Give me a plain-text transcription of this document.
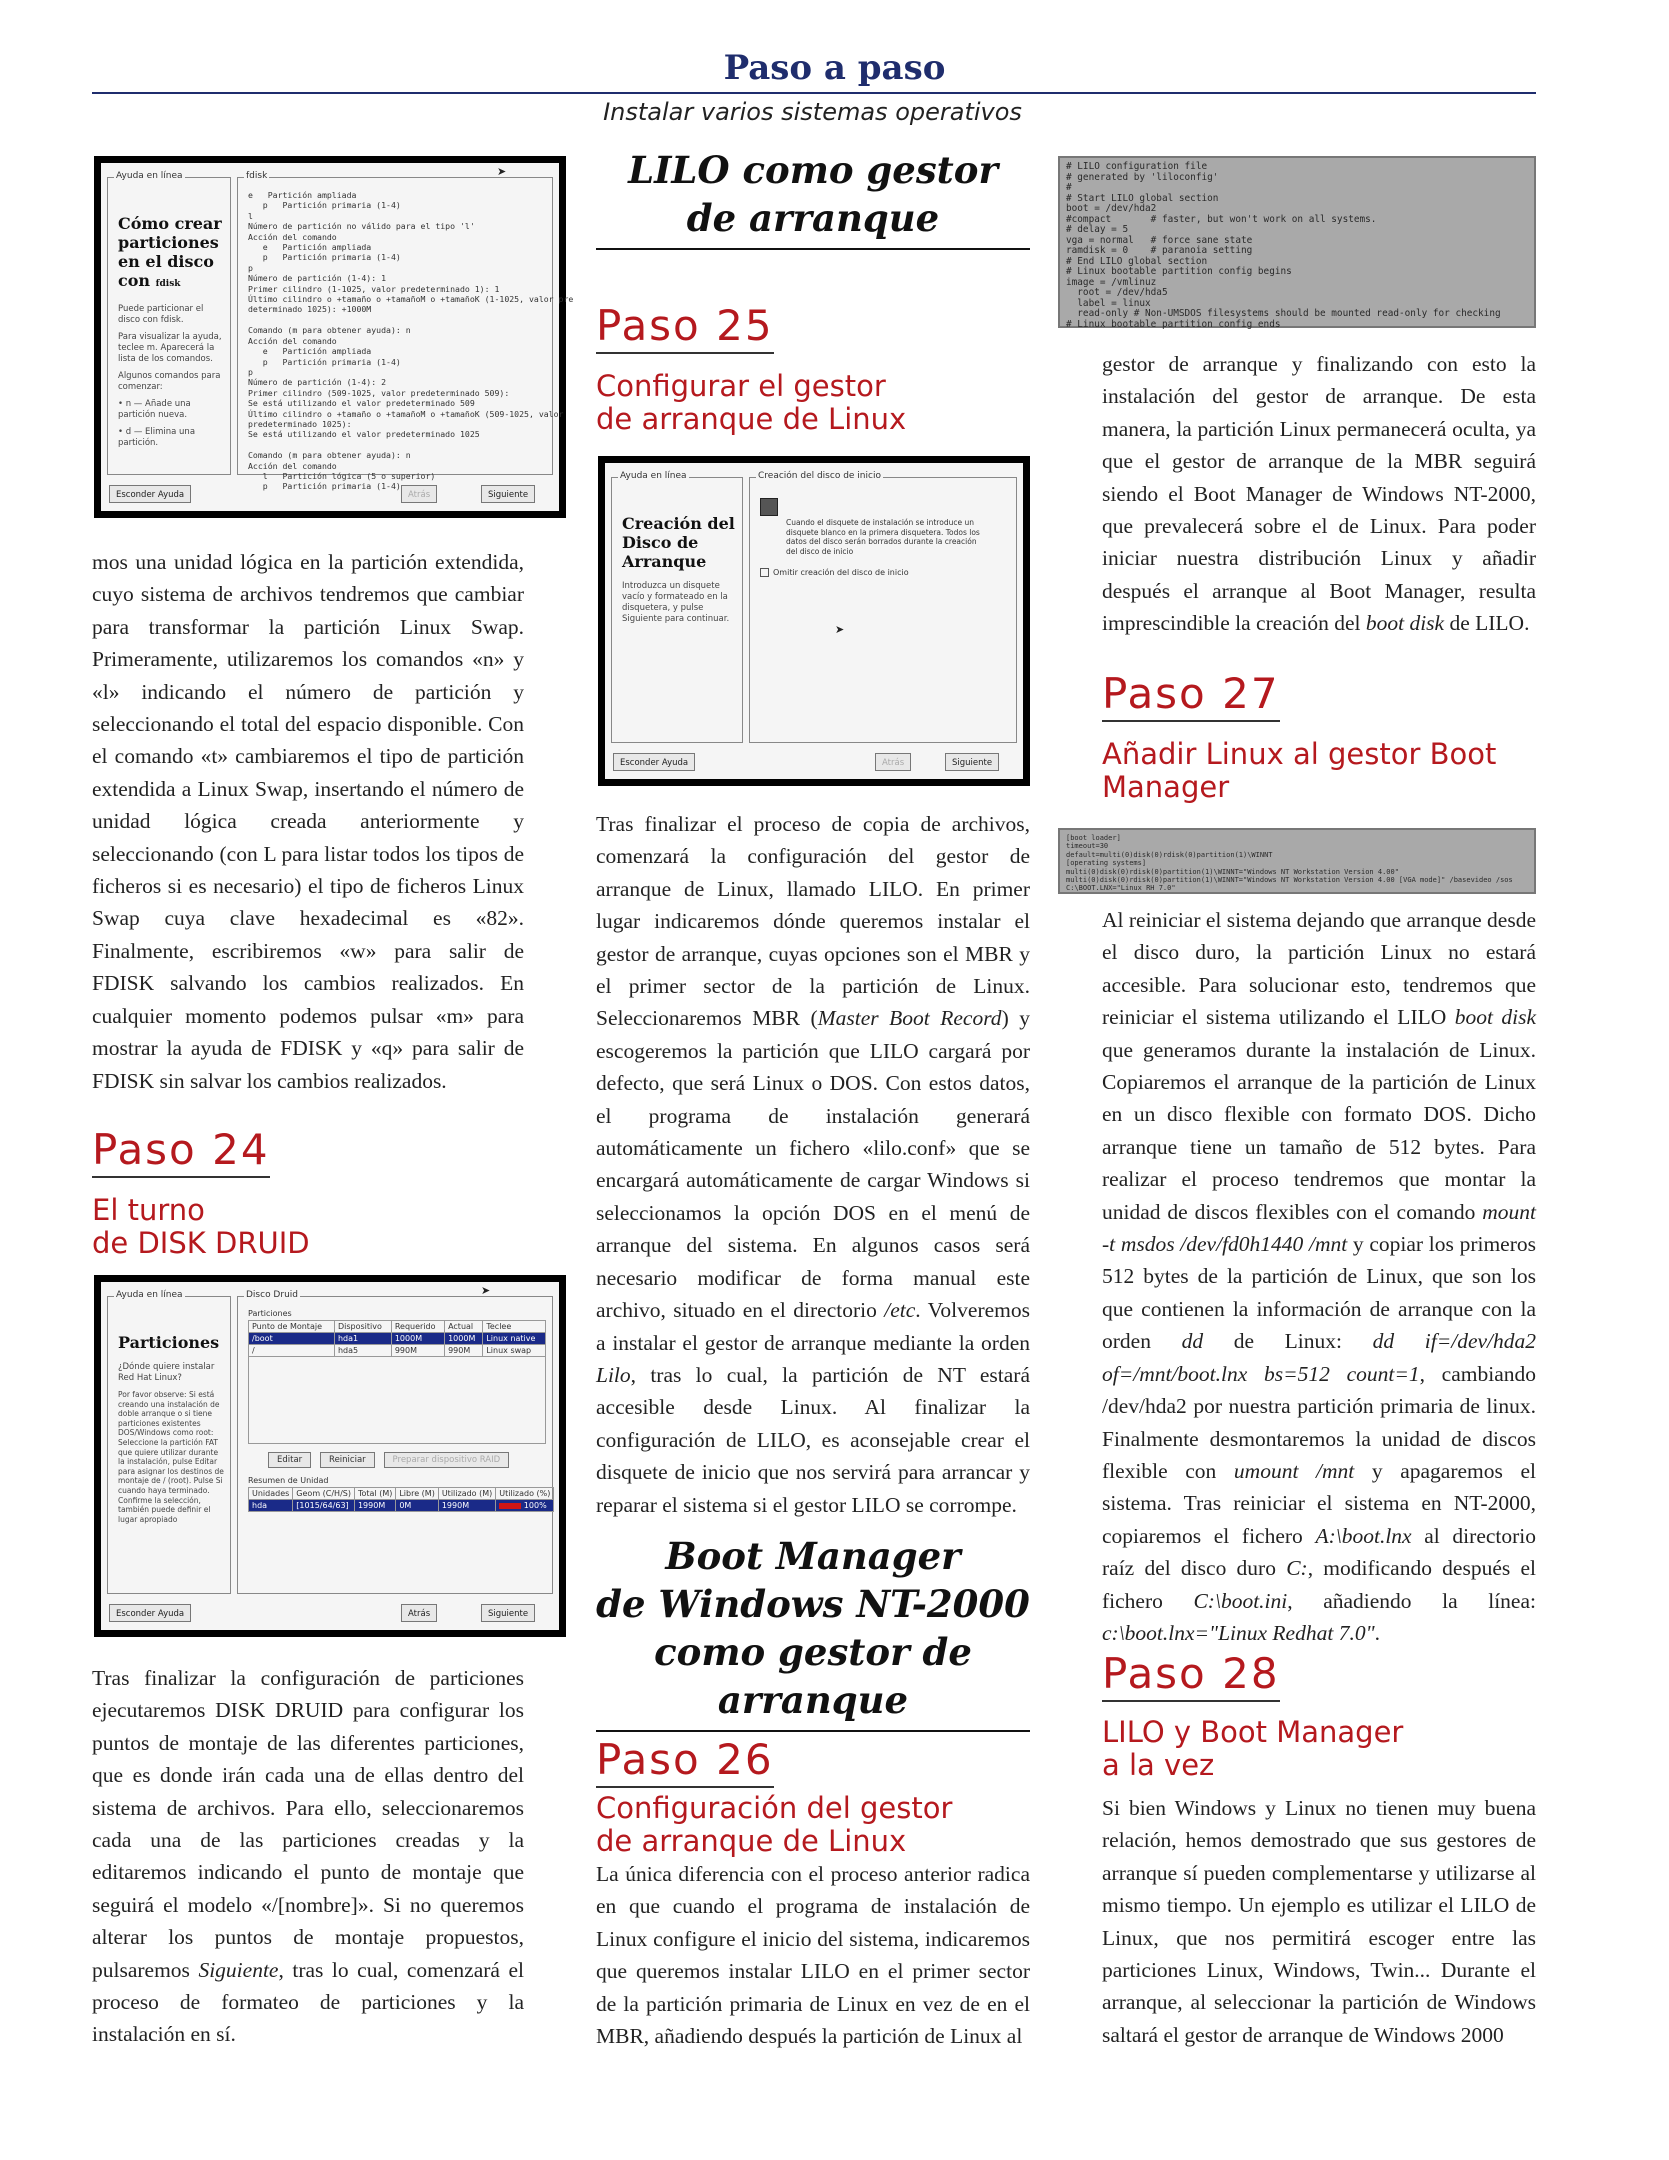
Paso a paso
Instalar varios sistemas operativos
Ayuda en línea
Cómo crear particiones en el disco con fdisk

Puede particionar el disco con fdisk.

Para visualizar la ayuda, teclee m. Aparecerá la lista de los comandos.

Algunos comandos para comenzar:

• n — Añade una partición nueva.

• d — Elimina una partición.

fdisk
e   Partición ampliada
p   Partición primaria (1-4)
l
Número de partición no válido para el tipo 'l'
Acción del comando
e   Partición ampliada
p   Partición primaria (1-4)
p
Número de partición (1-4): 1
Primer cilindro (1-1025, valor predeterminado 1): 1
Último cilindro o +tamaño o +tamañoM o +tamañoK (1-1025, valor pre
determinado 1025): +1000M

Comando (m para obtener ayuda): n
Acción del comando
e   Partición ampliada
p   Partición primaria (1-4)
p
Número de partición (1-4): 2
Primer cilindro (509-1025, valor predeterminado 509):
Se está utilizando el valor predeterminado 509
Último cilindro o +tamaño o +tamañoM o +tamañoK (509-1025, valor
predeterminado 1025):
Se está utilizando el valor predeterminado 1025

Comando (m para obtener ayuda): n
Acción del comando
l   Partición lógica (5 o superior)
p   Partición primaria (1-4)
➤
Esconder Ayuda	Atrás	Siguiente

mos una unidad lógica en la partición extendida, cuyo sistema de archivos tendremos que cambiar para transformar la partición Linux Swap. Primeramente, utilizaremos los comandos «n» y «l» indicando el número de partición y seleccionando el total del espacio disponible. Con el comando «t» cambiaremos el tipo de partición extendida a Linux Swap, insertando el número de unidad lógica creada anteriormente y seleccionando (con L para listar todos los tipos de ficheros si es necesario) el tipo de ficheros Linux Swap cuya clave hexadecimal es «82». Finalmente, escribiremos «w» para salir de FDISK salvando los cambios realizados. En cualquier momento podemos pulsar «m» para mostrar la ayuda de FDISK y «q» para salir de FDISK sin salvar los cambios realizados.

Paso 24

El turno

de DISK DRUID

Ayuda en línea
Particiones

¿Dónde quiere instalar Red Hat Linux?

Por favor observe: Si está creando una instalación de doble arranque o si tiene particiones existentes DOS/Windows como root: Seleccione la partición FAT que quiere utilizar durante la instalación, pulse Editar para asignar los destinos de montaje de / (root). Pulse Si cuando haya terminado. Confirme la selección, también puede definir el lugar apropiado

Disco Druid
Particiones
Punto de Montaje	Dispositivo	Requerido	Actual	Teclee
/boot	hda1	1000M	1000M	Linux native
/	hda5	990M	990M	Linux swap
Editar	Reiniciar	Preparar dispositivo RAID
Resumen de Unidad
Unidades	Geom (C/H/S)	Total (M)	Libre (M)	Utilizado (M)	Utilizado (%)
hda	[1015/64/63]	1990M	0M	1990M	100%
➤
Esconder Ayuda	Atrás	Siguiente

Tras finalizar la configuración de particiones ejecutaremos DISK DRUID para configurar los puntos de montaje de las diferentes particiones, que es donde irán cada una de ellas dentro del sistema de archivos. Para ello, seleccionaremos cada una de las particiones creadas y la editaremos indicando el punto de montaje que seguirá el modelo «/[nombre]». Si no queremos alterar los puntos de montaje propuestos, pulsaremos Siguiente, tras lo cual, comenzará el proceso de formateo de particiones y la instalación en sí.

LILO como gestor
de arranque
Paso 25

Configurar el gestor

de arranque de Linux

Ayuda en línea
Creación del Disco de Arranque

Introduzca un disquete vacío y formateado en la disquetera, y pulse Siguiente para continuar.

Creación del disco de inicio
Cuando el disquete de instalación se introduce un disquete blanco en la primera disquetera. Todos los datos del disco serán borrados durante la creación del disco de inicio
Omitir creación del disco de inicio
➤
Esconder Ayuda	Atrás	Siguiente

Tras finalizar el proceso de copia de archivos, comenzará la configuración del gestor de arranque de Linux, llamado LILO. En primer lugar indicaremos dónde queremos instalar el gestor de arranque, cuyas opciones son el MBR y el primer sector de la partición de Linux. Seleccionaremos MBR (Master Boot Record) y escogeremos la partición que LILO cargará por defecto, que será Linux o DOS. Con estos datos, el programa de instalación generará automáticamente un fichero «lilo.conf» que se encargará automáticamente de cargar Windows si seleccionamos la opción DOS en el menú de arranque del sistema. En algunos casos será necesario modificar de forma manual este archivo, situado en el directorio /etc. Volveremos a instalar el gestor de arranque mediante la orden Lilo, tras lo cual, la partición de NT estará accesible desde Linux. Al finalizar la configuración de LILO, es aconsejable crear el disquete de inicio que nos servirá para arrancar y reparar el sistema si el gestor LILO se corrompe.

Boot Manager
de Windows NT-2000
como gestor de arranque
Paso 26

Configuración del gestor

de arranque de Linux

La única diferencia con el proceso anterior radica en que cuando el programa de instalación de Linux configure el inicio del sistema, indicaremos que queremos instalar LILO en el primer sector de la partición primaria de Linux en vez de en el MBR, añadiendo después la partición de Linux al

# LILO configuration file
# generated by 'liloconfig'
#
# Start LILO global section
boot = /dev/hda2
#compact       # faster, but won't work on all systems.
# delay = 5
vga = normal   # force sane state
ramdisk = 0    # paranoia setting
# End LILO global section
# Linux bootable partition config begins
image = /vmlinuz
root = /dev/hda5
label = linux
read-only # Non-UMSDOS filesystems should be mounted read-only for checking
# Linux bootable partition config ends

gestor de arranque y finalizando con esto la instalación del gestor de arranque. De esta manera, la partición Linux permanecerá oculta, ya que el gestor de arranque de la MBR seguirá siendo el Boot Manager de Windows NT-2000, que prevalecerá sobre el de Linux. Para poder iniciar nuestra distribución Linux y añadir después el arranque al Boot Manager, resulta imprescindible la creación del boot disk de LILO.

Paso 27

Añadir Linux al gestor Boot

Manager

[boot loader]
timeout=30
default=multi(0)disk(0)rdisk(0)partition(1)\WINNT
[operating systems]
multi(0)disk(0)rdisk(0)partition(1)\WINNT="Windows NT Workstation Version 4.00"
multi(0)disk(0)rdisk(0)partition(1)\WINNT="Windows NT Workstation Version 4.00 [VGA mode]" /basevideo /sos
C:\BOOT.LNX="Linux RH 7.0"

Al reiniciar el sistema dejando que arranque desde el disco duro, la partición Linux no estará accesible. Para solucionar esto, tendremos que reiniciar el sistema utilizando el LILO boot disk que generamos durante la instalación de Linux. Copiaremos el arranque de la partición de Linux en un disco flexible con formato DOS. Dicho arranque tiene un tamaño de 512 bytes. Para realizar el proceso tendremos que montar la unidad de discos flexibles con el comando mount -t msdos /dev/fd0h1440 /mnt y copiar los primeros 512 bytes de la partición de Linux, que son los que contienen la información de arranque con la orden dd de Linux: dd if=/dev/hda2 of=/mnt/boot.lnx bs=512 count=1, cambiando /dev/hda2 por nuestra partición primaria de linux. Finalmente desmontaremos la unidad de discos flexible con umount /mnt y apagaremos el sistema. Tras reiniciar el sistema en NT-2000, copiaremos el fichero A:\boot.lnx al directorio raíz del disco duro C:, modificando después el fichero C:\boot.ini, añadiendo la línea: c:\boot.lnx="Linux Redhat 7.0".

Paso 28

LILO y Boot Manager

a la vez

Si bien Windows y Linux no tienen muy buena relación, hemos demostrado que sus gestores de arranque sí pueden complementarse y utilizarse al mismo tiempo. Un ejemplo es utilizar el LILO de Linux, que nos permitirá escoger entre las particiones Linux, Windows, Twin... Durante el arranque, al seleccionar la partición de Windows saltará el gestor de arranque de Windows 2000
